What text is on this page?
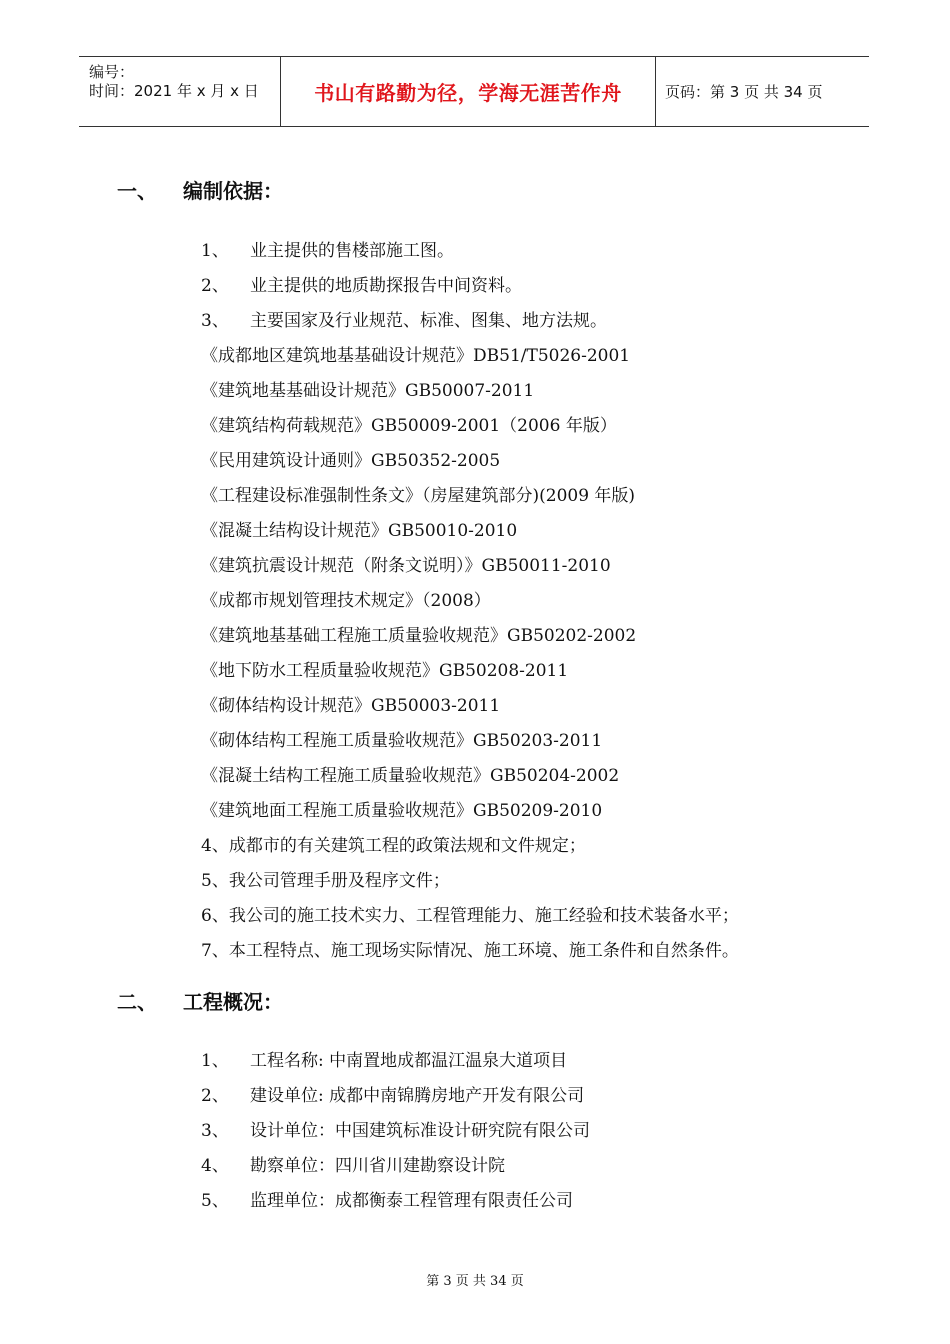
编号：
时间：2021 年 x 月 x 日	书山有路勤为径，学海无涯苦作舟	页码：第 3 页 共 34 页
一、 编制依据：
1、 业主提供的售楼部施工图。
2、 业主提供的地质勘探报告中间资料。
3、 主要国家及行业规范、标准、图集、地方法规。
《成都地区建筑地基基础设计规范》DB51/T5026-2001
《建筑地基基础设计规范》GB50007-2011
《建筑结构荷载规范》GB50009-2001（2006 年版）
《民用建筑设计通则》GB50352-2005
《工程建设标准强制性条文》（房屋建筑部分)(2009 年版)
《混凝土结构设计规范》GB50010-2010
《建筑抗震设计规范（附条文说明）》GB50011-2010
《成都市规划管理技术规定》（2008）
《建筑地基基础工程施工质量验收规范》GB50202-2002
《地下防水工程质量验收规范》GB50208-2011
《砌体结构设计规范》GB50003-2011
《砌体结构工程施工质量验收规范》GB50203-2011
《混凝土结构工程施工质量验收规范》GB50204-2002
《建筑地面工程施工质量验收规范》GB50209-2010
4、成都市的有关建筑工程的政策法规和文件规定；
5、我公司管理手册及程序文件；
6、我公司的施工技术实力、工程管理能力、施工经验和技术装备水平；
7、本工程特点、施工现场实际情况、施工环境、施工条件和自然条件。
二、 工程概况：
1、 工程名称: 中南置地成都温江温泉大道项目
2、 建设单位: 成都中南锦腾房地产开发有限公司
3、 设计单位：中国建筑标准设计研究院有限公司
4、 勘察单位：四川省川建勘察设计院
5、 监理单位：成都衡泰工程管理有限责任公司
第 3 页 共 34 页
